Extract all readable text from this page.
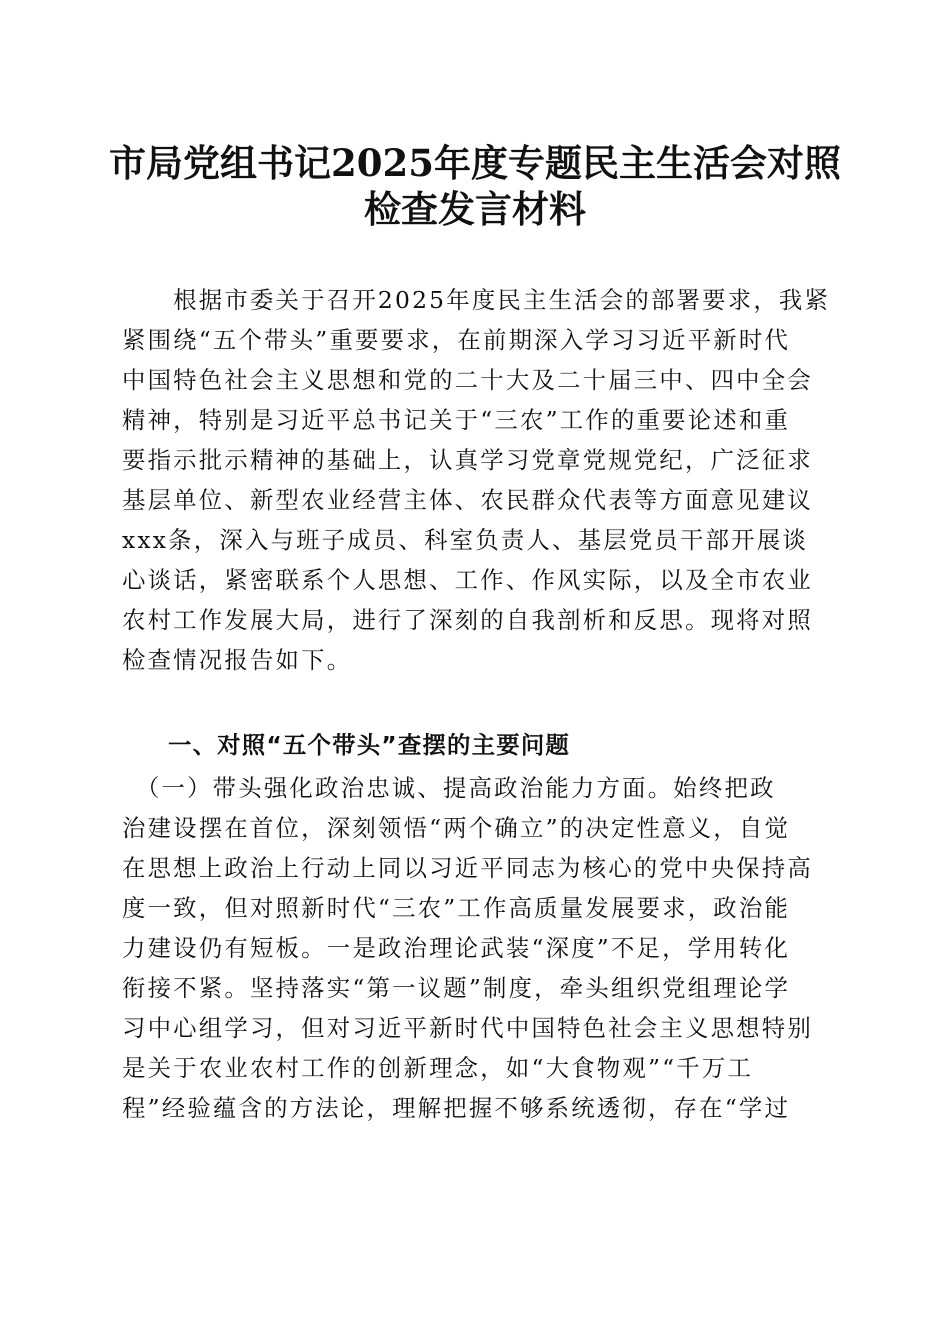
市局党组书记2025年度专题民主生活会对照
检查发言材料
　　根据市委关于召开2025年度民主生活会的部署要求，我紧
紧围绕“五个带头”重要要求，在前期深入学习习近平新时代
中国特色社会主义思想和党的二十大及二十届三中、四中全会
精神，特别是习近平总书记关于“三农”工作的重要论述和重
要指示批示精神的基础上，认真学习党章党规党纪，广泛征求
基层单位、新型农业经营主体、农民群众代表等方面意见建议
xxx条，深入与班子成员、科室负责人、基层党员干部开展谈
心谈话，紧密联系个人思想、工作、作风实际，以及全市农业
农村工作发展大局，进行了深刻的自我剖析和反思。现将对照
检查情况报告如下。
一、对照“五个带头”查摆的主要问题
　（一）带头强化政治忠诚、提高政治能力方面。始终把政
治建设摆在首位，深刻领悟“两个确立”的决定性意义，自觉
在思想上政治上行动上同以习近平同志为核心的党中央保持高
度一致，但对照新时代“三农”工作高质量发展要求，政治能
力建设仍有短板。一是政治理论武装“深度”不足，学用转化
衔接不紧。坚持落实“第一议题”制度，牵头组织党组理论学
习中心组学习，但对习近平新时代中国特色社会主义思想特别
是关于农业农村工作的创新理念，如“大食物观”“千万工
程”经验蕴含的方法论，理解把握不够系统透彻，存在“学过
